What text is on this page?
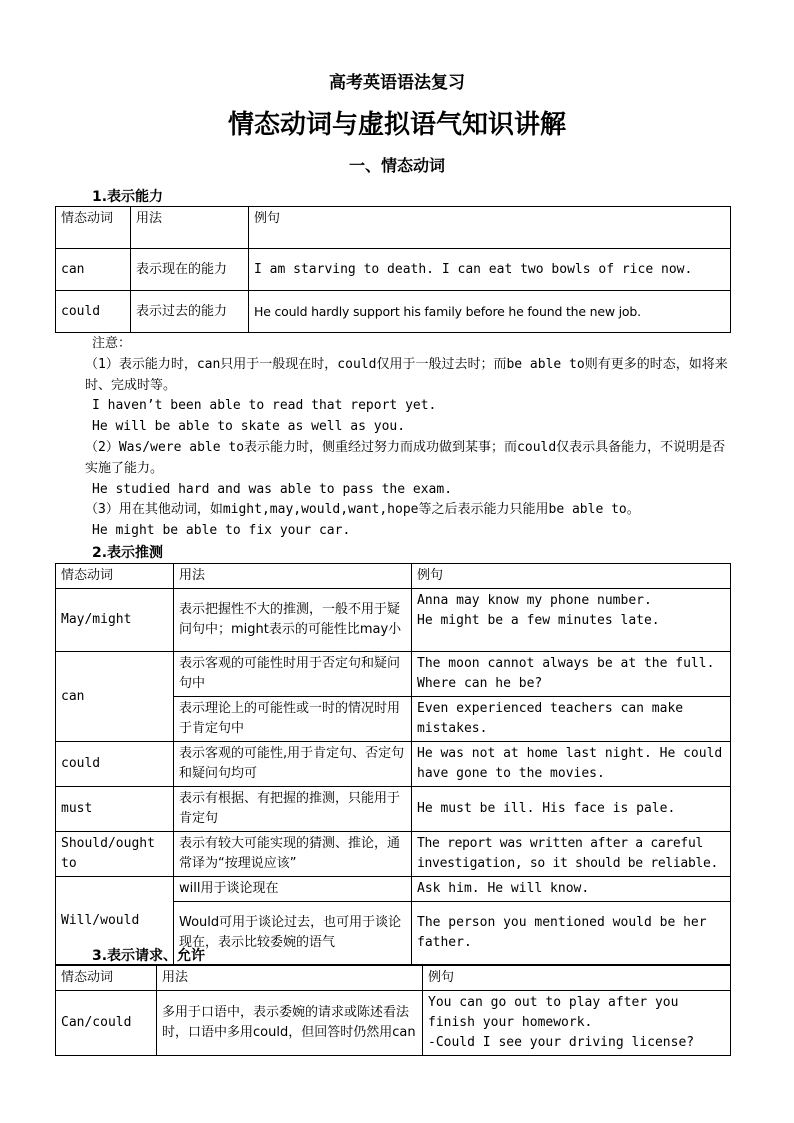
高考英语语法复习
情态动词与虚拟语气知识讲解
一、情态动词
1.表示能力
情态动词	用法	例句
can	表示现在的能力	I am starving to death. I can eat two bowls of rice now.
could	表示过去的能力	He could hardly support his family before he found the new job.

注意：

（1）表示能力时，can只用于一般现在时，could仅用于一般过去时；而be able to则有更多的时态，如将来时、完成时等。

I haven’t been able to read that report yet.

He will be able to skate as well as you.

（2）Was/were able to表示能力时，侧重经过努力而成功做到某事；而could仅表示具备能力，不说明是否实施了能力。

He studied hard and was able to pass the exam.

（3）用在其他动词，如might,may,would,want,hope等之后表示能力只能用be able to。

He might be able to fix your car.

2.表示推测
情态动词	用法	例句
May/might	表示把握性不大的推测，一般不用于疑问句中；might表示的可能性比may小	Anna may know my phone number.
He might be a few minutes late.

can	表示客观的可能性时用于否定句和疑问句中	The moon cannot always be at the full.
Where can he be?

	表示理论上的可能性或一时的情况时用于肯定句中	Even experienced teachers can make mistakes.
could	表示客观的可能性,用于肯定句、否定句和疑问句均可	He was not at home last night. He could have gone to the movies.
must	表示有根据、有把握的推测，只能用于肯定句	He must be ill. His face is pale.
Should/ought to	表示有较大可能实现的猜测、推论，通常译为“按理说应该”	The report was written after a careful investigation, so it should be reliable.
Will/would	will用于谈论现在	Ask him. He will know.
	Would可用于谈论过去，也可用于谈论现在，表示比较委婉的语气	The person you mentioned would be her father.
3.表示请求、允许
情态动词	用法	例句
Can/could	多用于口语中，表示委婉的请求或陈述看法时，口语中多用could，但回答时仍然用can	You can go out to play after you finish your homework.
-Could I see your driving license?
